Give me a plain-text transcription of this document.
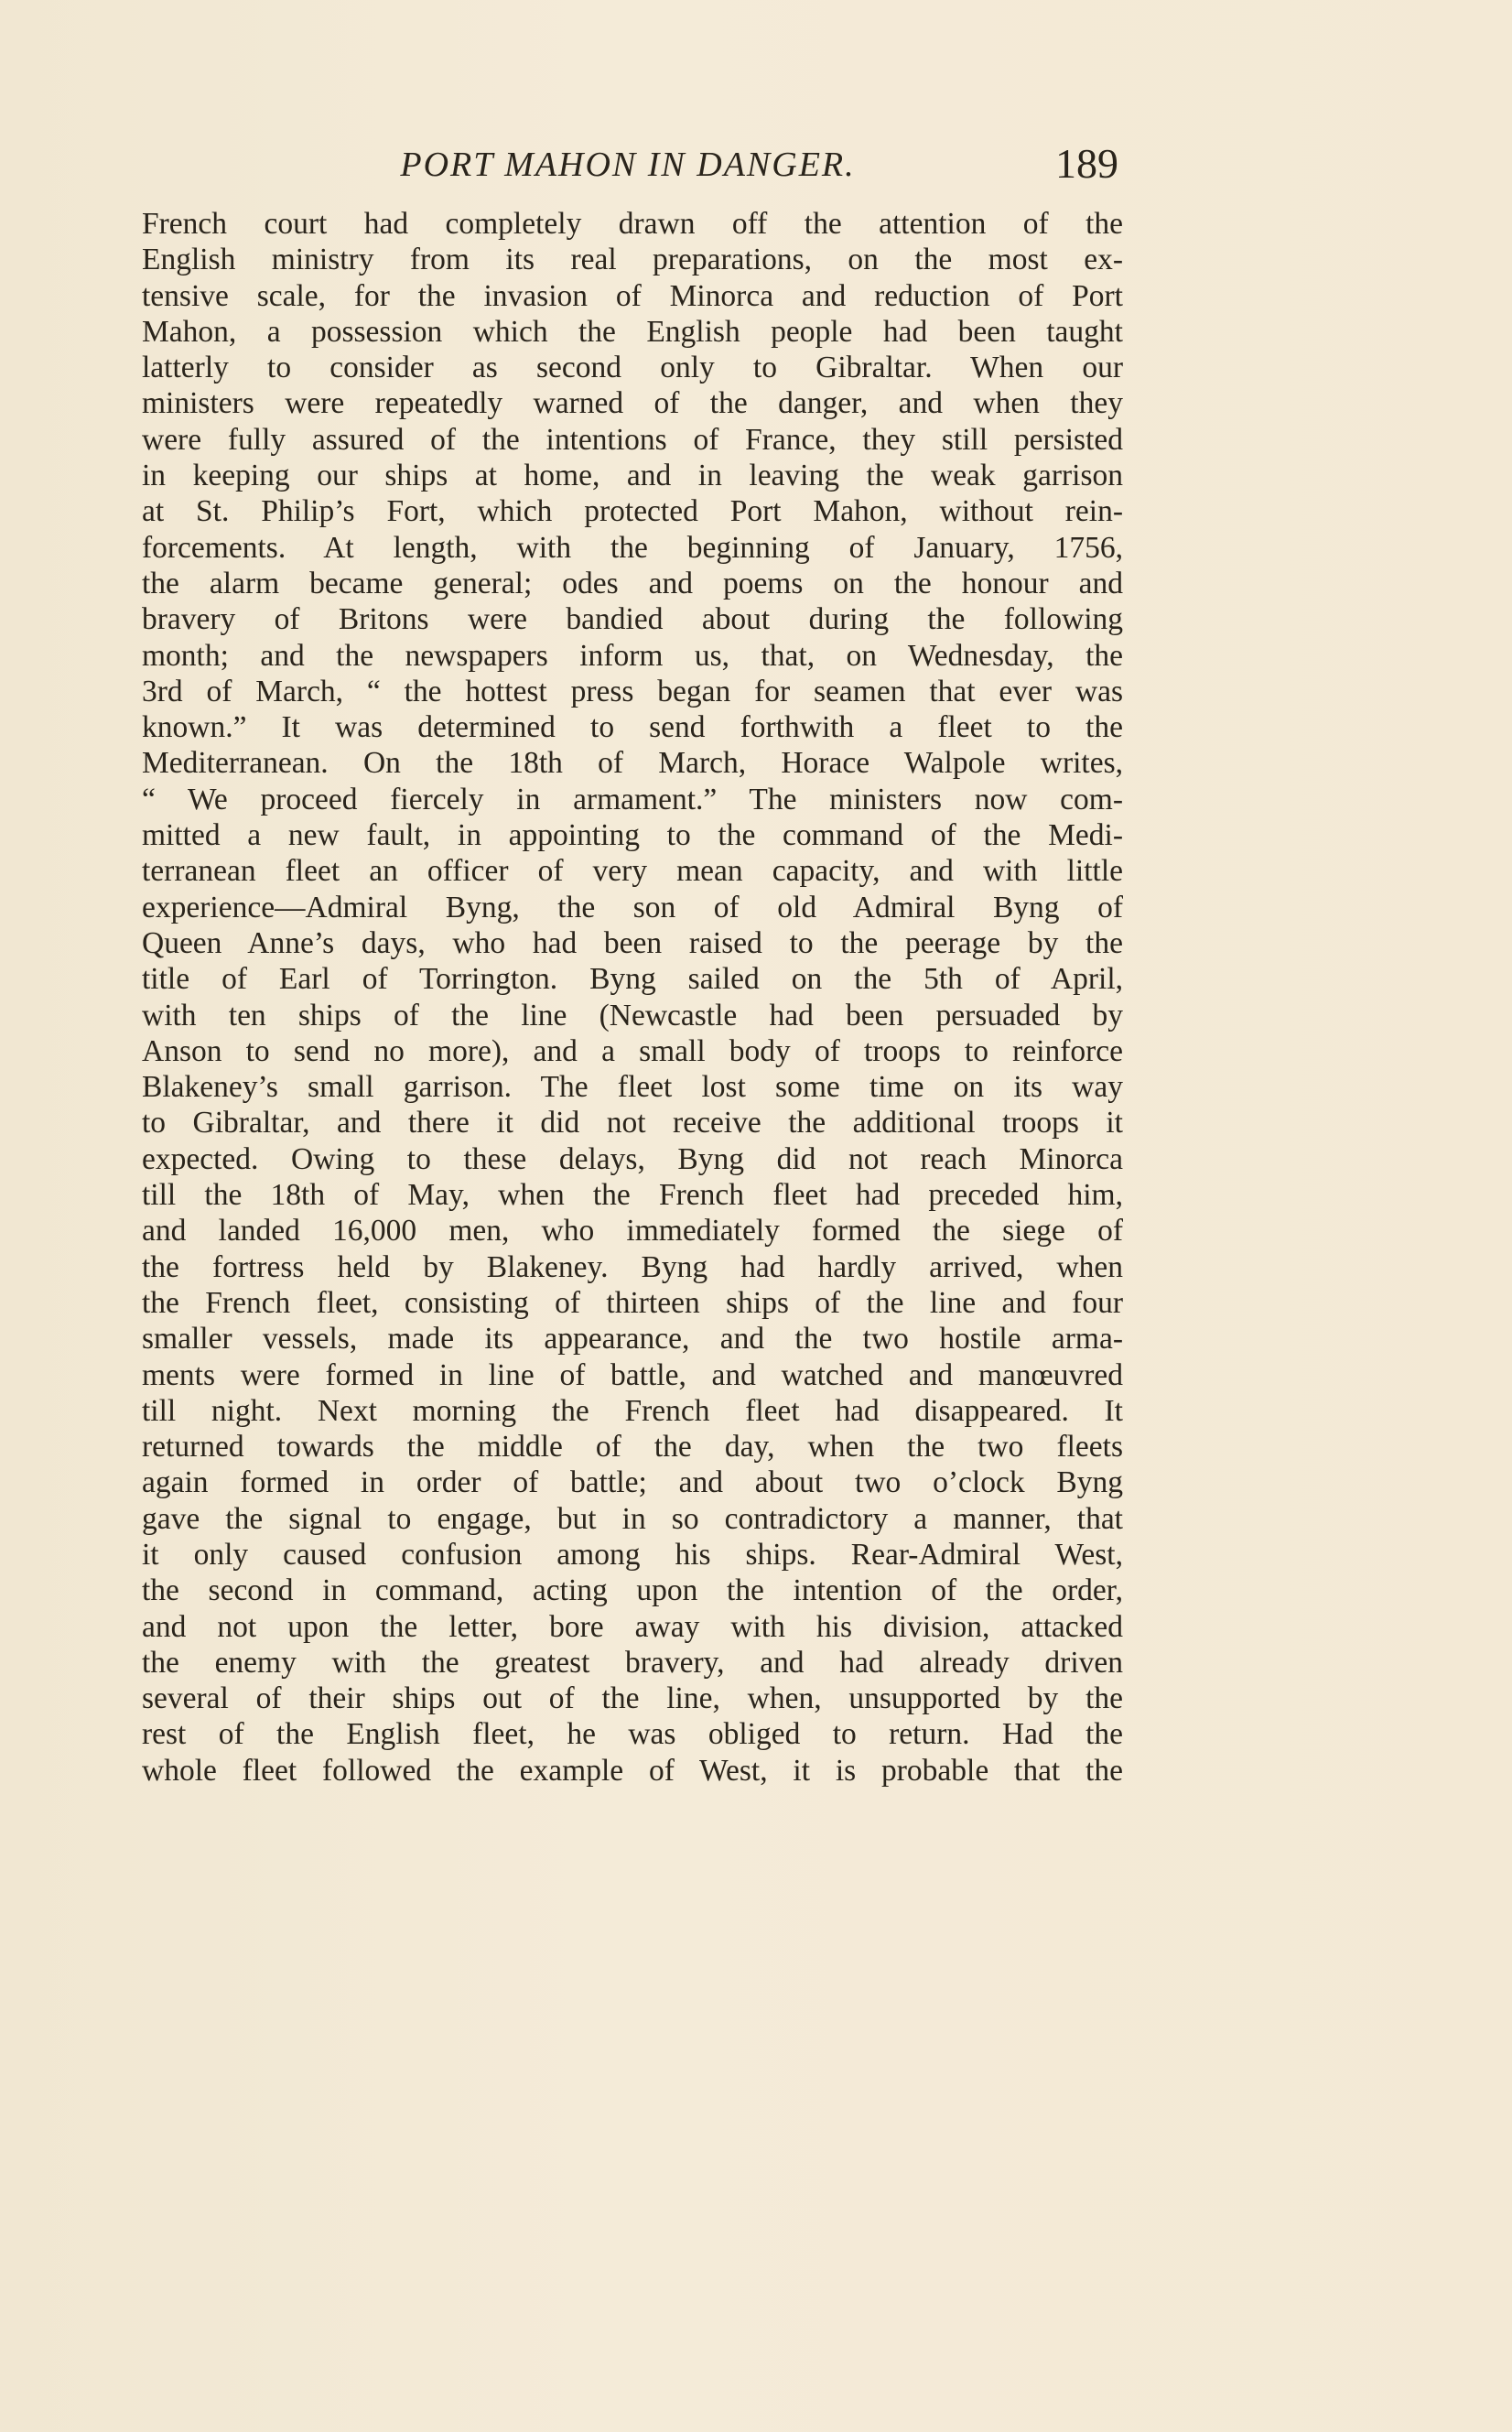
PORT MAHON IN DANGER.	189
French court had completely drawn off the attention of the
English ministry from its real preparations, on the most ex-
tensive scale, for the invasion of Minorca and reduction of Port
Mahon, a possession which the English people had been taught
latterly to consider as second only to Gibraltar. When our
ministers were repeatedly warned of the danger, and when they
were fully assured of the intentions of France, they still persisted
in keeping our ships at home, and in leaving the weak garrison
at St. Philip’s Fort, which protected Port Mahon, without rein-
forcements. At length, with the beginning of January, 1756,
the alarm became general; odes and poems on the honour and
bravery of Britons were bandied about during the following
month; and the newspapers inform us, that, on Wednesday, the
3rd of March, “ the hottest press began for seamen that ever was
known.” It was determined to send forthwith a fleet to the
Mediterranean. On the 18th of March, Horace Walpole writes,
“ We proceed fiercely in armament.” The ministers now com-
mitted a new fault, in appointing to the command of the Medi-
terranean fleet an officer of very mean capacity, and with little
experience—Admiral Byng, the son of old Admiral Byng of
Queen Anne’s days, who had been raised to the peerage by the
title of Earl of Torrington. Byng sailed on the 5th of April,
with ten ships of the line (Newcastle had been persuaded by
Anson to send no more), and a small body of troops to reinforce
Blakeney’s small garrison. The fleet lost some time on its way
to Gibraltar, and there it did not receive the additional troops it
expected. Owing to these delays, Byng did not reach Minorca
till the 18th of May, when the French fleet had preceded him,
and landed 16,000 men, who immediately formed the siege of
the fortress held by Blakeney. Byng had hardly arrived, when
the French fleet, consisting of thirteen ships of the line and four
smaller vessels, made its appearance, and the two hostile arma-
ments were formed in line of battle, and watched and manœuvred
till night. Next morning the French fleet had disappeared. It
returned towards the middle of the day, when the two fleets
again formed in order of battle; and about two o’clock Byng
gave the signal to engage, but in so contradictory a manner, that
it only caused confusion among his ships. Rear-Admiral West,
the second in command, acting upon the intention of the order,
and not upon the letter, bore away with his division, attacked
the enemy with the greatest bravery, and had already driven
several of their ships out of the line, when, unsupported by the
rest of the English fleet, he was obliged to return. Had the
whole fleet followed the example of West, it is probable that the
